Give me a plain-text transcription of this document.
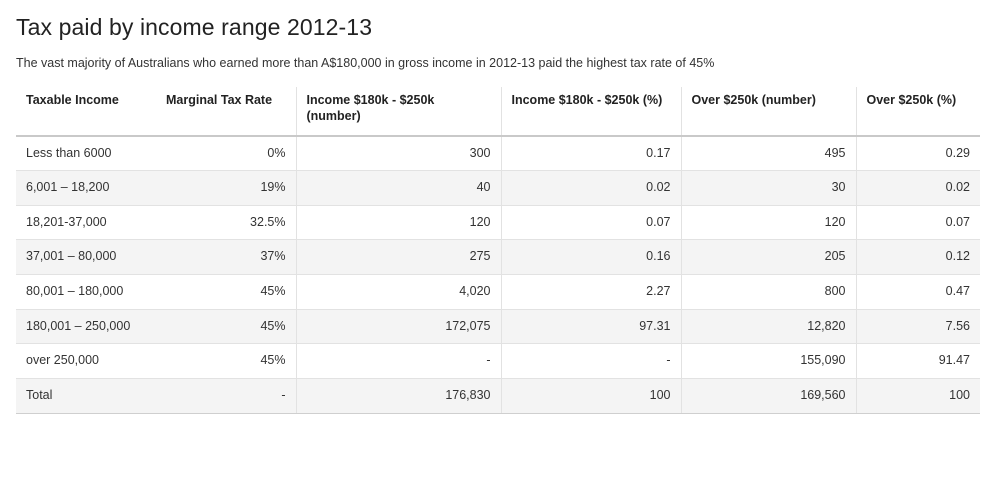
Tax paid by income range 2012-13

The vast majority of Australians who earned more than A$180,000 in gross income in 2012-13 paid the highest tax rate of 45%

Taxable Income	Marginal Tax Rate	Income $180k - $250k (number)	Income $180k - $250k (%)	Over $250k (number)	Over $250k (%)
Less than 6000	0%	300	0.17	495	0.29
6,001 – 18,200	19%	40	0.02	30	0.02
18,201-37,000	32.5%	120	0.07	120	0.07
37,001 – 80,000	37%	275	0.16	205	0.12
80,001 – 180,000	45%	4,020	2.27	800	0.47
180,001 – 250,000	45%	172,075	97.31	12,820	7.56
over 250,000	45%	-	-	155,090	91.47
Total	-	176,830	100	169,560	100
